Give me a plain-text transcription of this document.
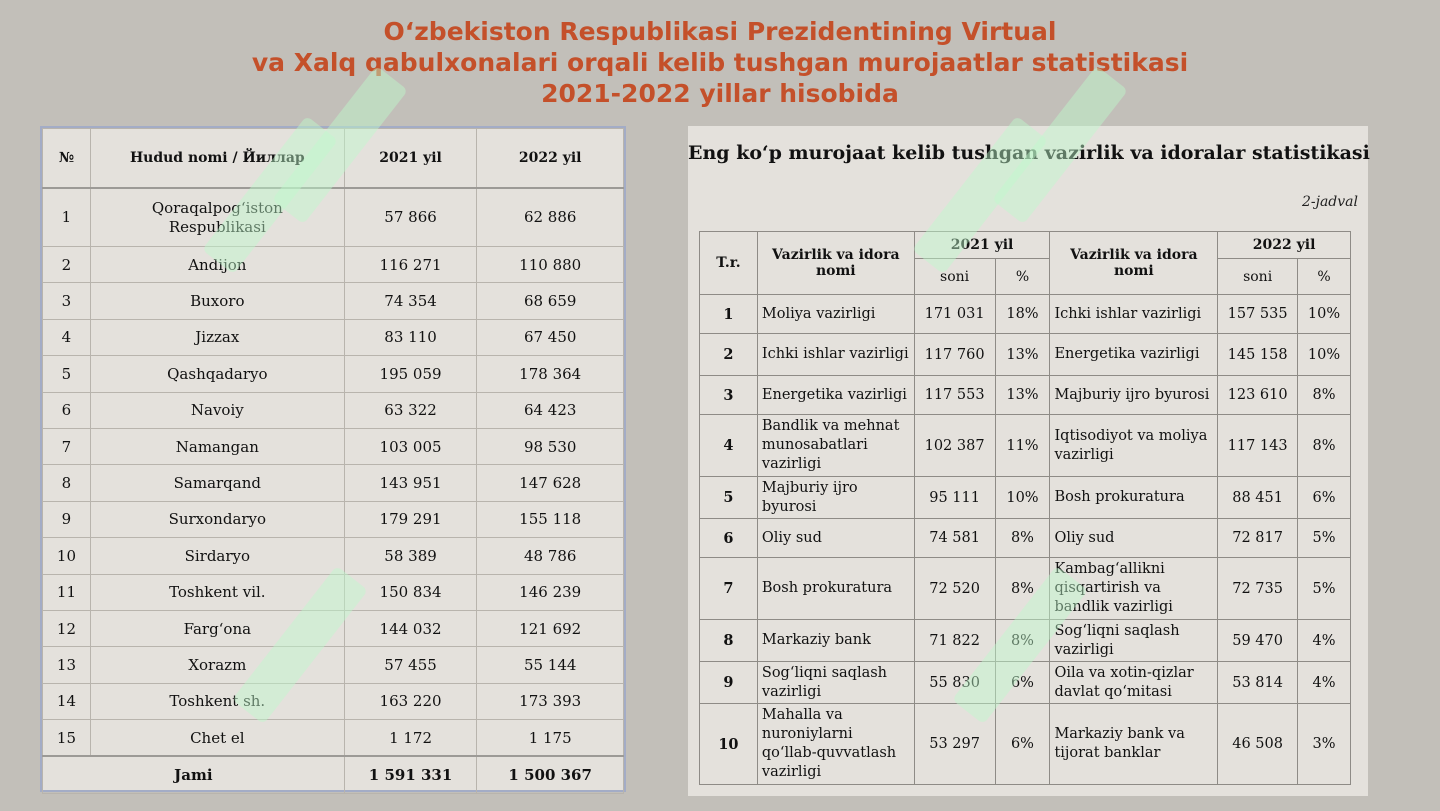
O‘zbekiston Respublikasi Prezidentining Virtual
va Xalq qabulxonalari orqali kelib tushgan murojaatlar statistikasi
2021-2022 yillar hisobida
№	Hudud nomi / Йиллар	2021 yil	2022 yil
1	Qoraqalpog‘iston Respublikasi	57 866	62 886
2	Andijon	116 271	110 880
3	Buxoro	74 354	68 659
4	Jizzax	83 110	67 450
5	Qashqadaryo	195 059	178 364
6	Navoiy	63 322	64 423
7	Namangan	103 005	98 530
8	Samarqand	143 951	147 628
9	Surxondaryo	179 291	155 118
10	Sirdaryo	58 389	48 786
11	Toshkent vil.	150 834	146 239
12	Farg‘ona	144 032	121 692
13	Xorazm	57 455	55 144
14	Toshkent sh.	163 220	173 393
15	Chet el	1 172	1 175
Jami		1 591 331	1 500 367
Eng ko‘p murojaat kelib tushgan vazirlik va idoralar statistikasi
2-jadval
T.r.	Vazirlik va idora nomi	2021 yil		Vazirlik va idora nomi	2022 yil	
		soni	%		soni	%
1	Moliya vazirligi	171 031	18%	Ichki ishlar vazirligi	157 535	10%
2	Ichki ishlar vazirligi	117 760	13%	Energetika vazirligi	145 158	10%
3	Energetika vazirligi	117 553	13%	Majburiy ijro byurosi	123 610	8%
4	Bandlik va mehnat munosabatlari vazirligi	102 387	11%	Iqtisodiyot va moliya vazirligi	117 143	8%
5	Majburiy ijro byurosi	95 111	10%	Bosh prokuratura	88 451	6%
6	Oliy sud	74 581	8%	Oliy sud	72 817	5%
7	Bosh prokuratura	72 520	8%	Kambag‘allikni qisqartirish va bandlik vazirligi	72 735	5%
8	Markaziy bank	71 822	8%	Sog‘liqni saqlash vazirligi	59 470	4%
9	Sog‘liqni saqlash vazirligi	55 830	6%	Oila va xotin-qizlar davlat qo‘mitasi	53 814	4%
10	Mahalla va nuroniylarni qo‘llab-quvvatlash vazirligi	53 297	6%	Markaziy bank va tijorat banklar	46 508	3%
